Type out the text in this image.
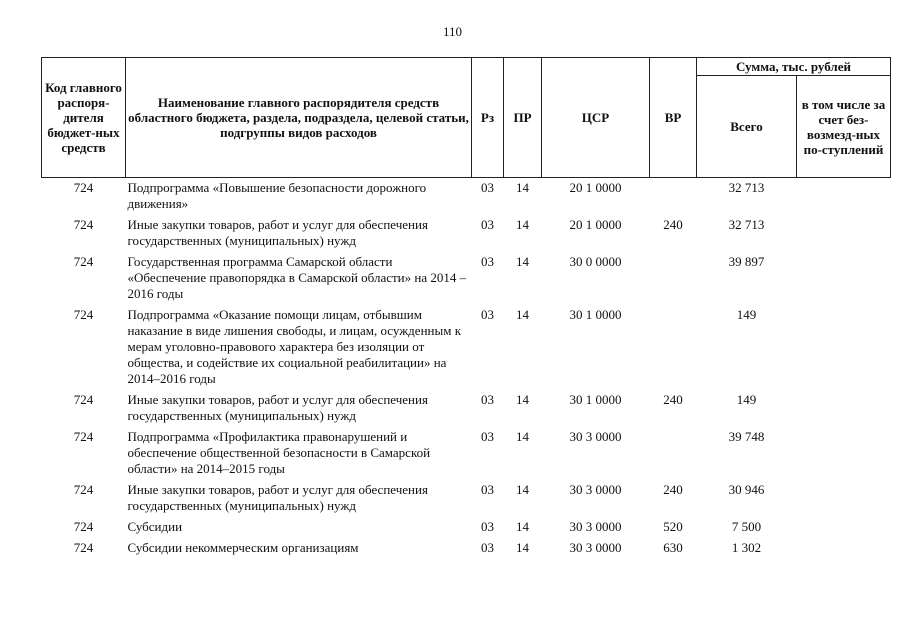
110
Код главного распоря-дителя бюджет-ных средств	Наименование главного распорядителя средств областного бюджета, раздела, подраздела, целевой статьи, подгруппы видов расходов	Рз	ПР	ЦСР	ВР	Сумма, тыс. рублей	
						Всего	в том числе за счет без-возмезд-ных по-ступлений
724	Подпрограмма «Повышение безопасности дорожного движения»	03	14	20 1 0000		32 713	
724	Иные закупки товаров, работ и услуг для обеспечения государственных (муниципальных) нужд	03	14	20 1 0000	240	32 713	
724	Государственная программа Самарской области «Обеспечение правопорядка в Самарской области» на 2014 – 2016 годы	03	14	30 0 0000		39 897	
724	Подпрограмма «Оказание помощи лицам, отбывшим наказание в виде лишения свободы, и лицам, осужденным к мерам уголовно-правового характера без изоляции от общества, и содействие их социальной реабилитации» на 2014–2016 годы	03	14	30 1 0000		149	
724	Иные закупки товаров, работ и услуг для обеспечения государственных (муниципальных) нужд	03	14	30 1 0000	240	149	
724	Подпрограмма «Профилактика правонарушений и обеспечение общественной безопасности в Самарской области» на 2014–2015 годы	03	14	30 3 0000		39 748	
724	Иные закупки товаров, работ и услуг для обеспечения государственных (муниципальных) нужд	03	14	30 3 0000	240	30 946	
724	Субсидии	03	14	30 3 0000	520	7 500	
724	Субсидии некоммерческим организациям	03	14	30 3 0000	630	1 302	
